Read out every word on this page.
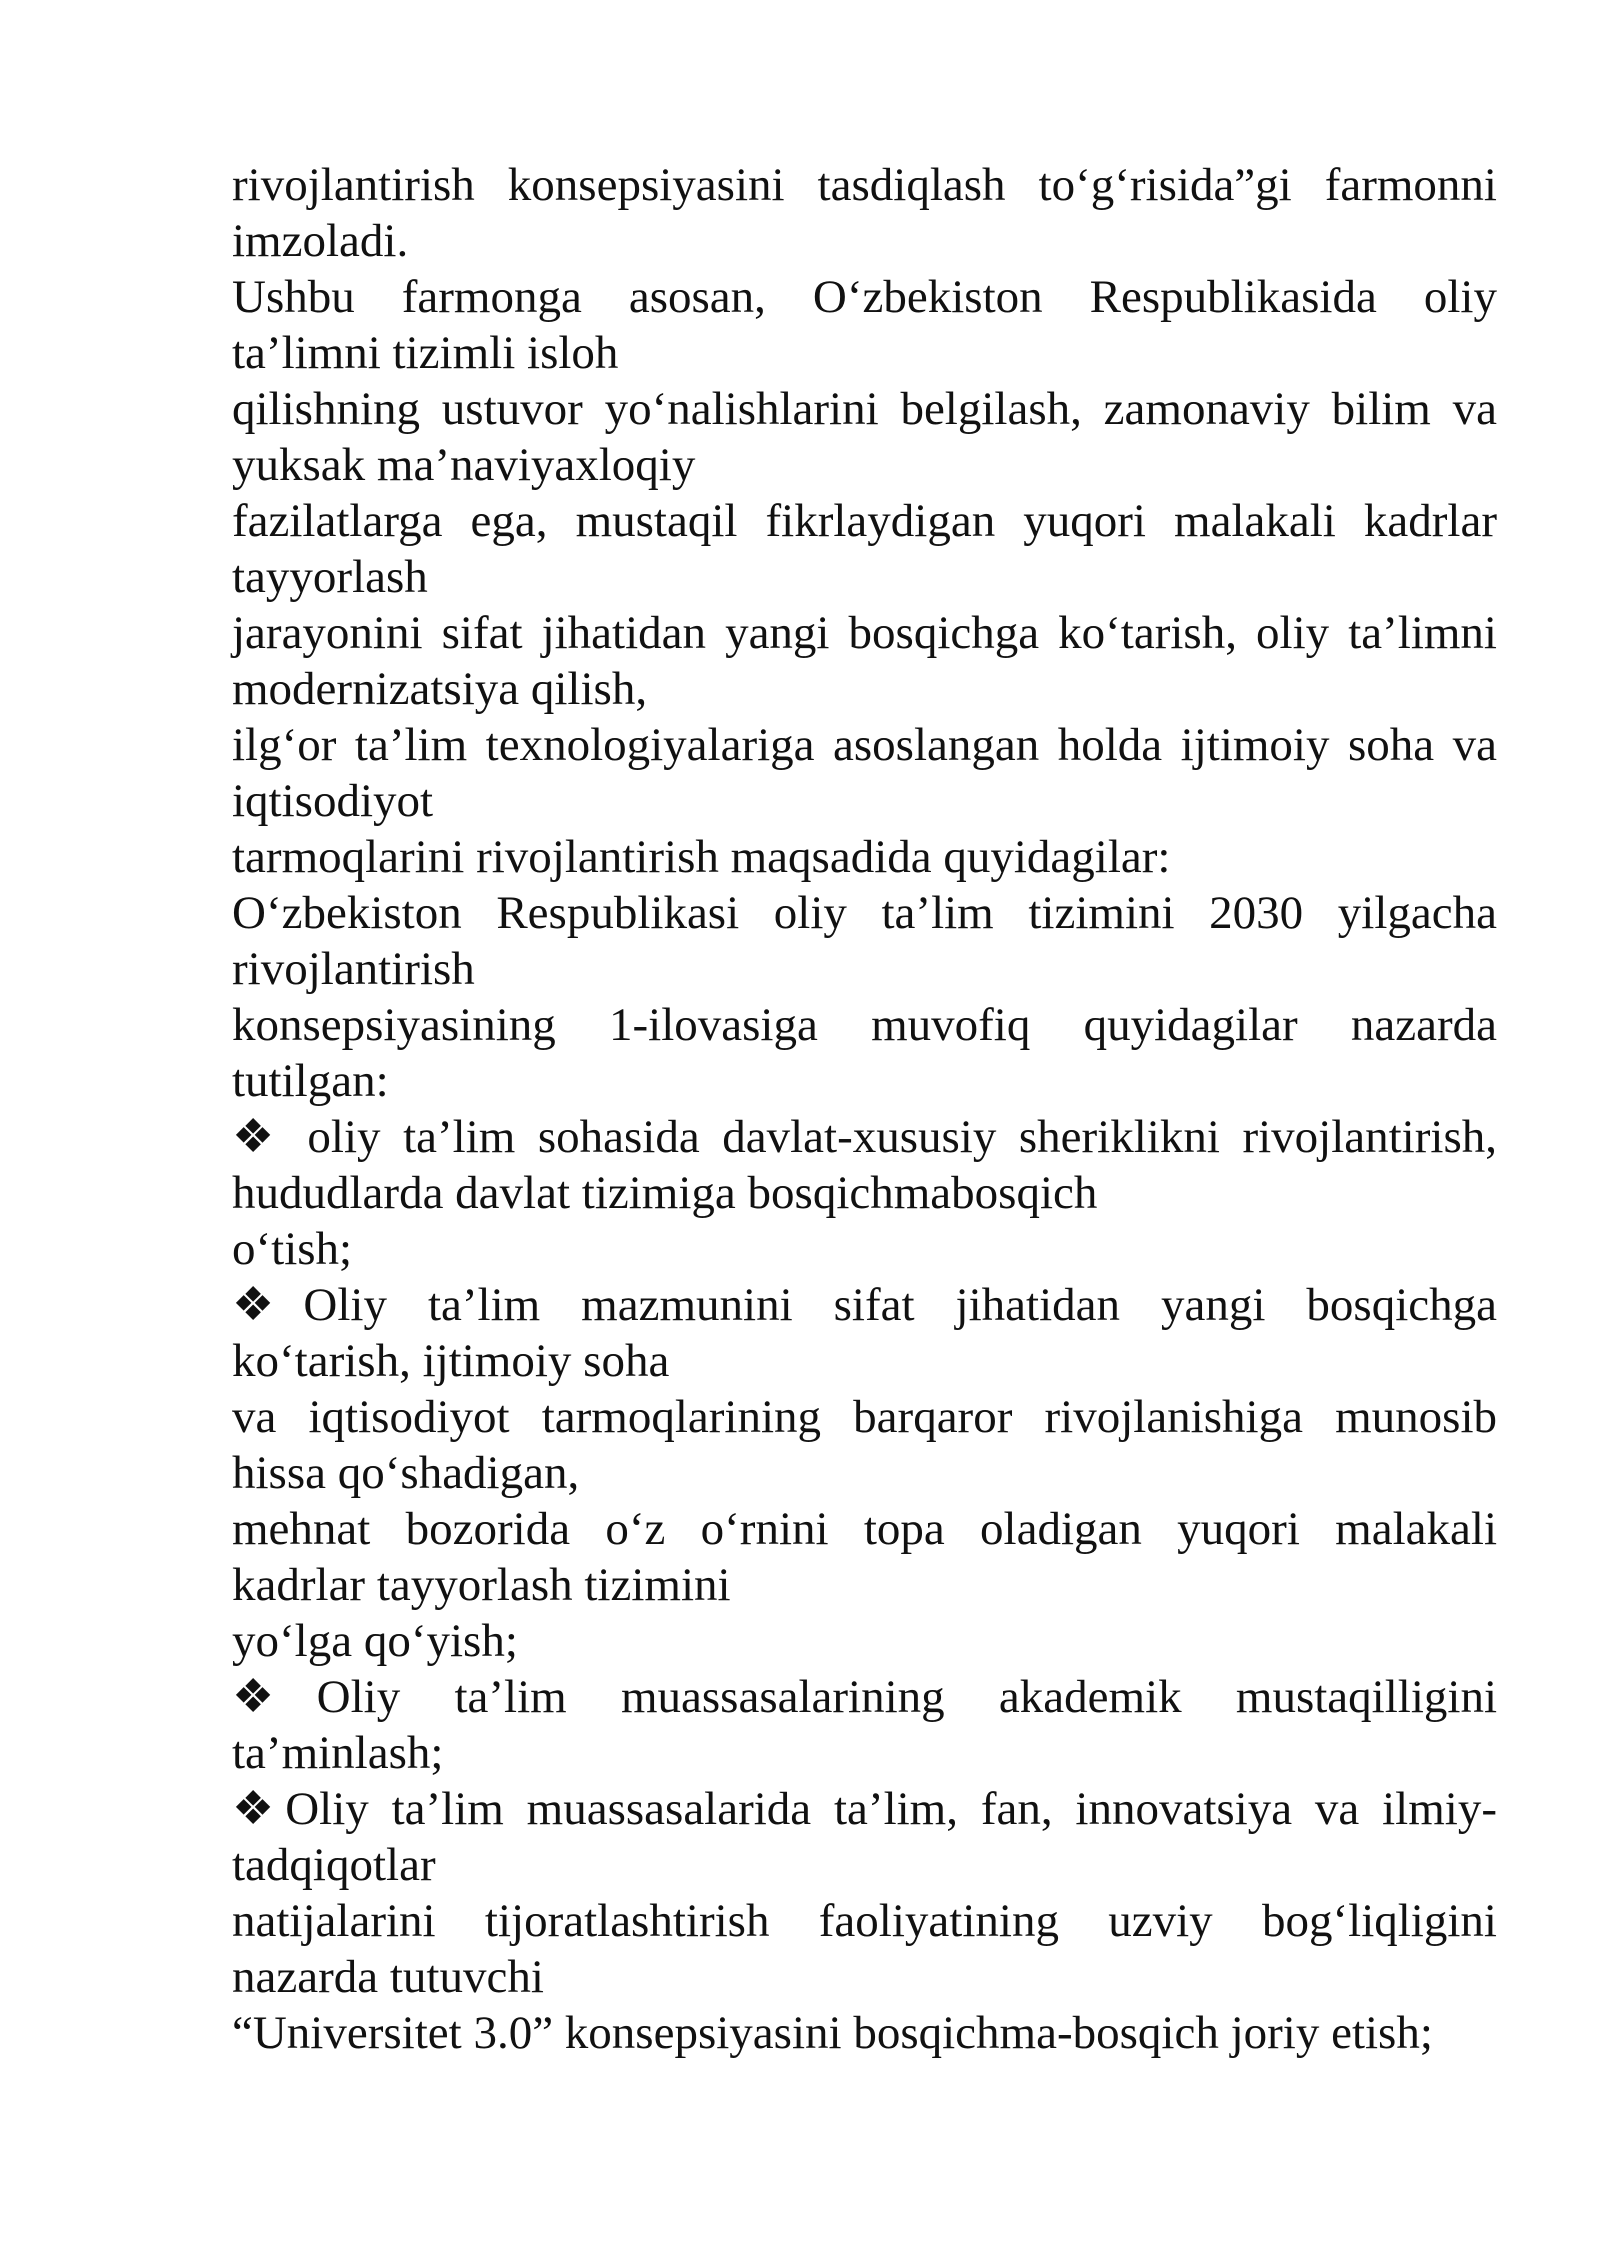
rivojlantirish konsepsiyasini tasdiqlash to‘g‘risida”gi farmonni
imzoladi.
Ushbu farmonga asosan, O‘zbekiston Respublikasida oliy
ta’limni tizimli isloh
qilishning ustuvor yo‘nalishlarini belgilash, zamonaviy bilim va
yuksak ma’naviyaxloqiy
fazilatlarga ega, mustaqil fikrlaydigan yuqori malakali kadrlar
tayyorlash
jarayonini sifat jihatidan yangi bosqichga ko‘tarish, oliy ta’limni
modernizatsiya qilish,
ilg‘or ta’lim texnologiyalariga asoslangan holda ijtimoiy soha va
iqtisodiyot
tarmoqlarini rivojlantirish maqsadida quyidagilar:
O‘zbekiston Respublikasi oliy ta’lim tizimini 2030 yilgacha
rivojlantirish
konsepsiyasining 1-ilovasiga muvofiq quyidagilar nazarda
tutilgan:
❖ oliy ta’lim sohasida davlat-xususiy sheriklikni rivojlantirish,
hududlarda davlat tizimiga bosqichmabosqich
o‘tish;
❖Oliy ta’lim mazmunini sifat jihatidan yangi bosqichga
ko‘tarish, ijtimoiy soha
va iqtisodiyot tarmoqlarining barqaror rivojlanishiga munosib
hissa qo‘shadigan,
mehnat bozorida o‘z o‘rnini topa oladigan yuqori malakali
kadrlar tayyorlash tizimini
yo‘lga qo‘yish;
❖Oliy ta’lim muassasalarining akademik mustaqilligini
ta’minlash;
❖Oliy ta’lim muassasalarida ta’lim, fan, innovatsiya va ilmiy-
tadqiqotlar
natijalarini tijoratlashtirish faoliyatining uzviy bog‘liqligini
nazarda tutuvchi
“Universitet 3.0” konsepsiyasini bosqichma-bosqich joriy etish;
